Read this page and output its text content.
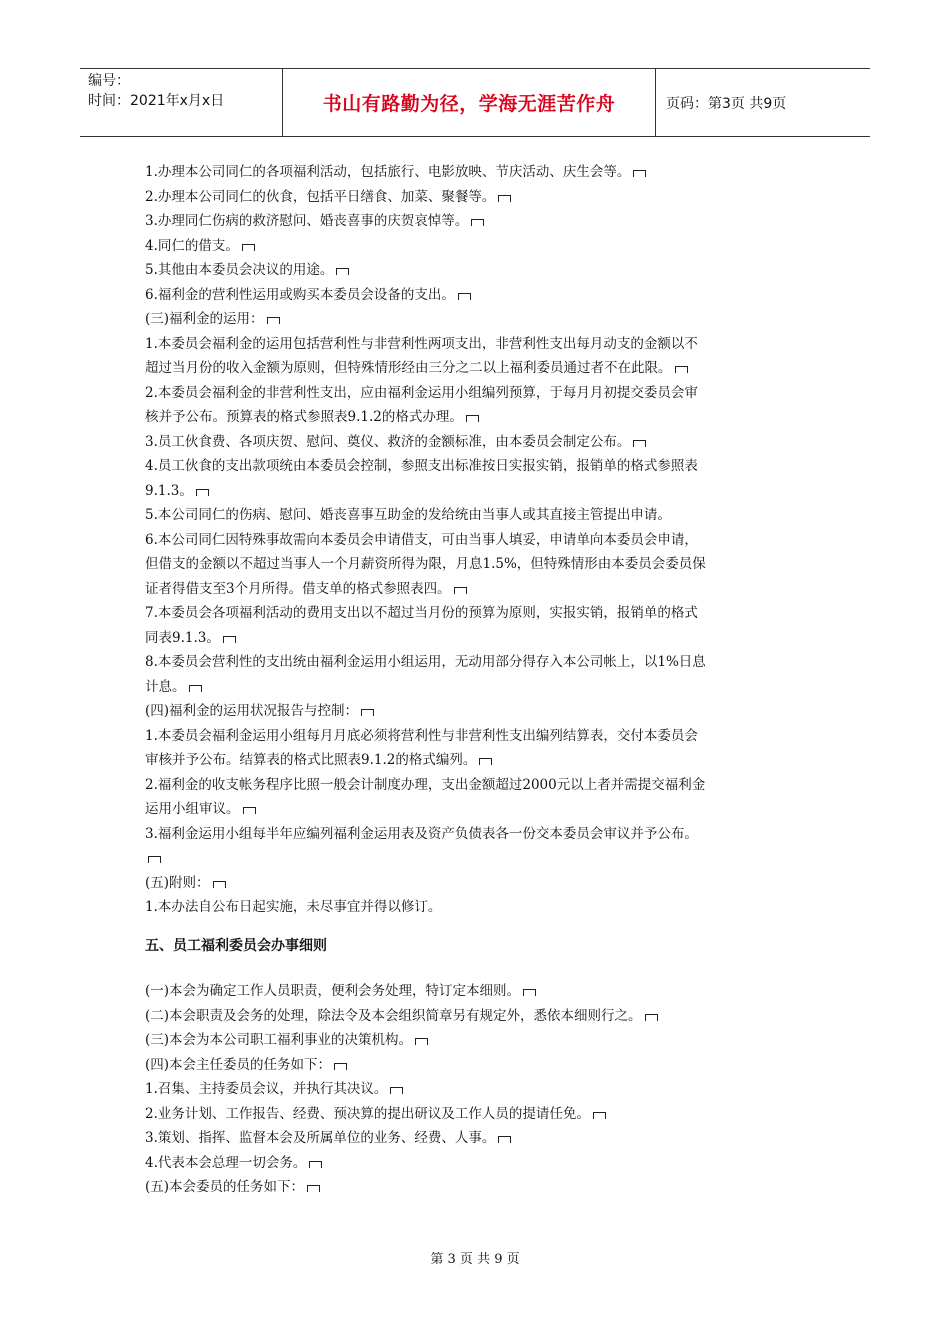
编号：
时间：2021年x月x日	书山有路勤为径，学海无涯苦作舟	页码：第3页 共9页

1.办理本公司同仁的各项福利活动，包括旅行、电影放映、节庆活动、庆生会等。

2.办理本公司同仁的伙食，包括平日缮食、加菜、聚餐等。

3.办理同仁伤病的救济慰问、婚丧喜事的庆贺哀悼等。

4.同仁的借支。

5.其他由本委员会决议的用途。

6.福利金的营利性运用或购买本委员会设备的支出。

(三)福利金的运用：

1.本委员会福利金的运用包括营利性与非营利性两项支出，非营利性支出每月动支的金额以不

超过当月份的收入金额为原则，但特殊情形经由三分之二以上福利委员通过者不在此限。

2.本委员会福利金的非营利性支出，应由福利金运用小组编列预算，于每月月初提交委员会审

核并予公布。预算表的格式参照表9.1.2的格式办理。

3.员工伙食费、各项庆贺、慰问、奠仪、救济的金额标准，由本委员会制定公布。

4.员工伙食的支出款项统由本委员会控制，参照支出标准按日实报实销，报销单的格式参照表

9.1.3。

5.本公司同仁的伤病、慰问、婚丧喜事互助金的发给统由当事人或其直接主管提出申请。

6.本公司同仁因特殊事故需向本委员会申请借支，可由当事人填妥，申请单向本委员会申请，

但借支的金额以不超过当事人一个月薪资所得为限，月息1.5%，但特殊情形由本委员会委员保

证者得借支至3个月所得。借支单的格式参照表四。

7.本委员会各项福利活动的费用支出以不超过当月份的预算为原则，实报实销，报销单的格式

同表9.1.3。

8.本委员会营利性的支出统由福利金运用小组运用，无动用部分得存入本公司帐上，以1%日息

计息。

(四)福利金的运用状况报告与控制：

1.本委员会福利金运用小组每月月底必须将营利性与非营利性支出编列结算表，交付本委员会

审核并予公布。结算表的格式比照表9.1.2的格式编列。

2.福利金的收支帐务程序比照一般会计制度办理，支出金额超过2000元以上者并需提交福利金

运用小组审议。

3.福利金运用小组每半年应编列福利金运用表及资产负债表各一份交本委员会审议并予公布。

(五)附则：

1.本办法自公布日起实施，未尽事宜并得以修订。

五、员工福利委员会办事细则

(一)本会为确定工作人员职责，便利会务处理，特订定本细则。

(二)本会职责及会务的处理，除法令及本会组织简章另有规定外，悉依本细则行之。

(三)本会为本公司职工福利事业的决策机构。

(四)本会主任委员的任务如下：

1.召集、主持委员会议，并执行其决议。

2.业务计划、工作报告、经费、预决算的提出研议及工作人员的提请任免。

3.策划、指挥、监督本会及所属单位的业务、经费、人事。

4.代表本会总理一切会务。

(五)本会委员的任务如下：

第 3 页 共 9 页
